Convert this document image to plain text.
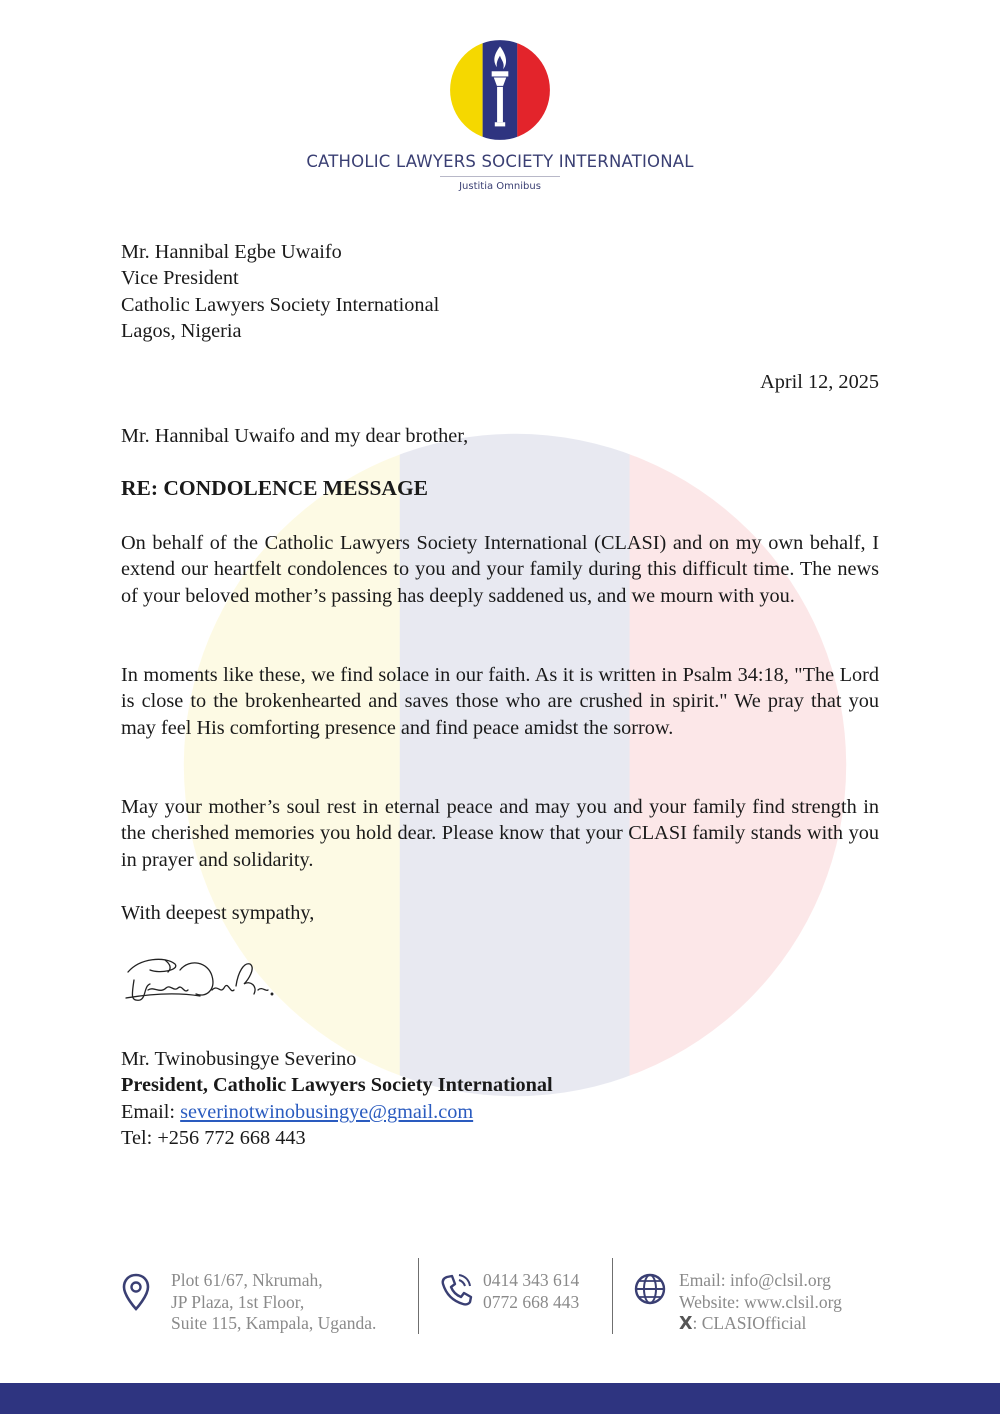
CATHOLIC LAWYERS SOCIETY INTERNATIONAL
Justitia Omnibus
Mr. Hannibal Egbe Uwaifo
Vice President
Catholic Lawyers Society International
Lagos, Nigeria
April 12, 2025
Mr. Hannibal Uwaifo and my dear brother,
RE: CONDOLENCE MESSAGE
On behalf of the Catholic Lawyers Society International (CLASI) and on my own behalf, I extend our heartfelt condolences to you and your family during this difficult time. The news of your beloved mother’s passing has deeply saddened us, and we mourn with you.
In moments like these, we find solace in our faith. As it is written in Psalm 34:18, "The Lord is close to the brokenhearted and saves those who are crushed in spirit." We pray that you may feel His comforting presence and find peace amidst the sorrow.
May your mother’s soul rest in eternal peace and may you and your family find strength in the cherished memories you hold dear. Please know that your CLASI family stands with you in prayer and solidarity.
With deepest sympathy,
Mr. Twinobusingye Severino
President, Catholic Lawyers Society International
Email: severinotwinobusingye@gmail.com
Tel: +256 772 668 443
Plot 61/67, Nkrumah,
JP Plaza, 1st Floor,
Suite 115, Kampala, Uganda.
0414 343 614
0772 668 443
Email: info@clsil.org
Website: www.clsil.org
X: CLASIOfficial
